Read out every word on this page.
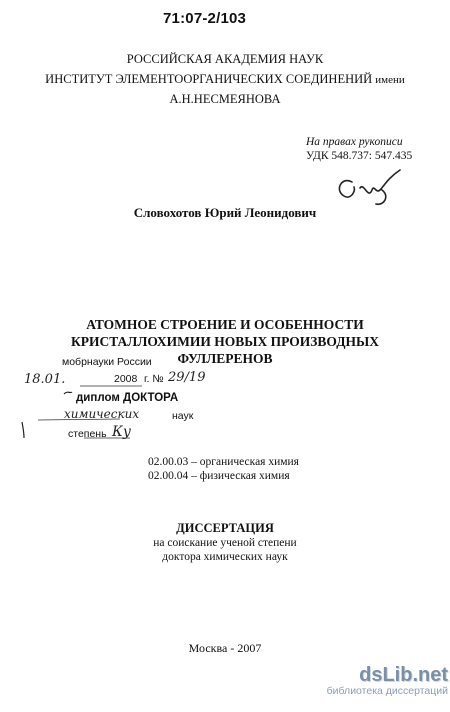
71:07-2/103
РОССИЙСКАЯ АКАДЕМИЯ НАУК
ИНСТИТУТ ЭЛЕМЕНТООРГАНИЧЕСКИХ СОЕДИНЕНИЙ имени
А.Н.НЕСМЕЯНОВА
На правах рукописи
УДК 548.737: 547.435
Словохотов Юрий Леонидович
АТОМНОЕ СТРОЕНИЕ И ОСОБЕННОСТИ
КРИСТАЛЛОХИМИИ НОВЫХ ПРОИЗВОДНЫХ
ФУЛЛЕРЕНОВ
мобрнауки России
18.01.	2008 г. № 29/19
диплом ДОКТОРА
химических	наук
степень Ку
02.00.03 – органическая химия
02.00.04 – физическая химия
ДИССЕРТАЦИЯ
на соискание ученой степени
доктора химических наук
Москва - 2007
dsLib.net
библиотека диссертаций
